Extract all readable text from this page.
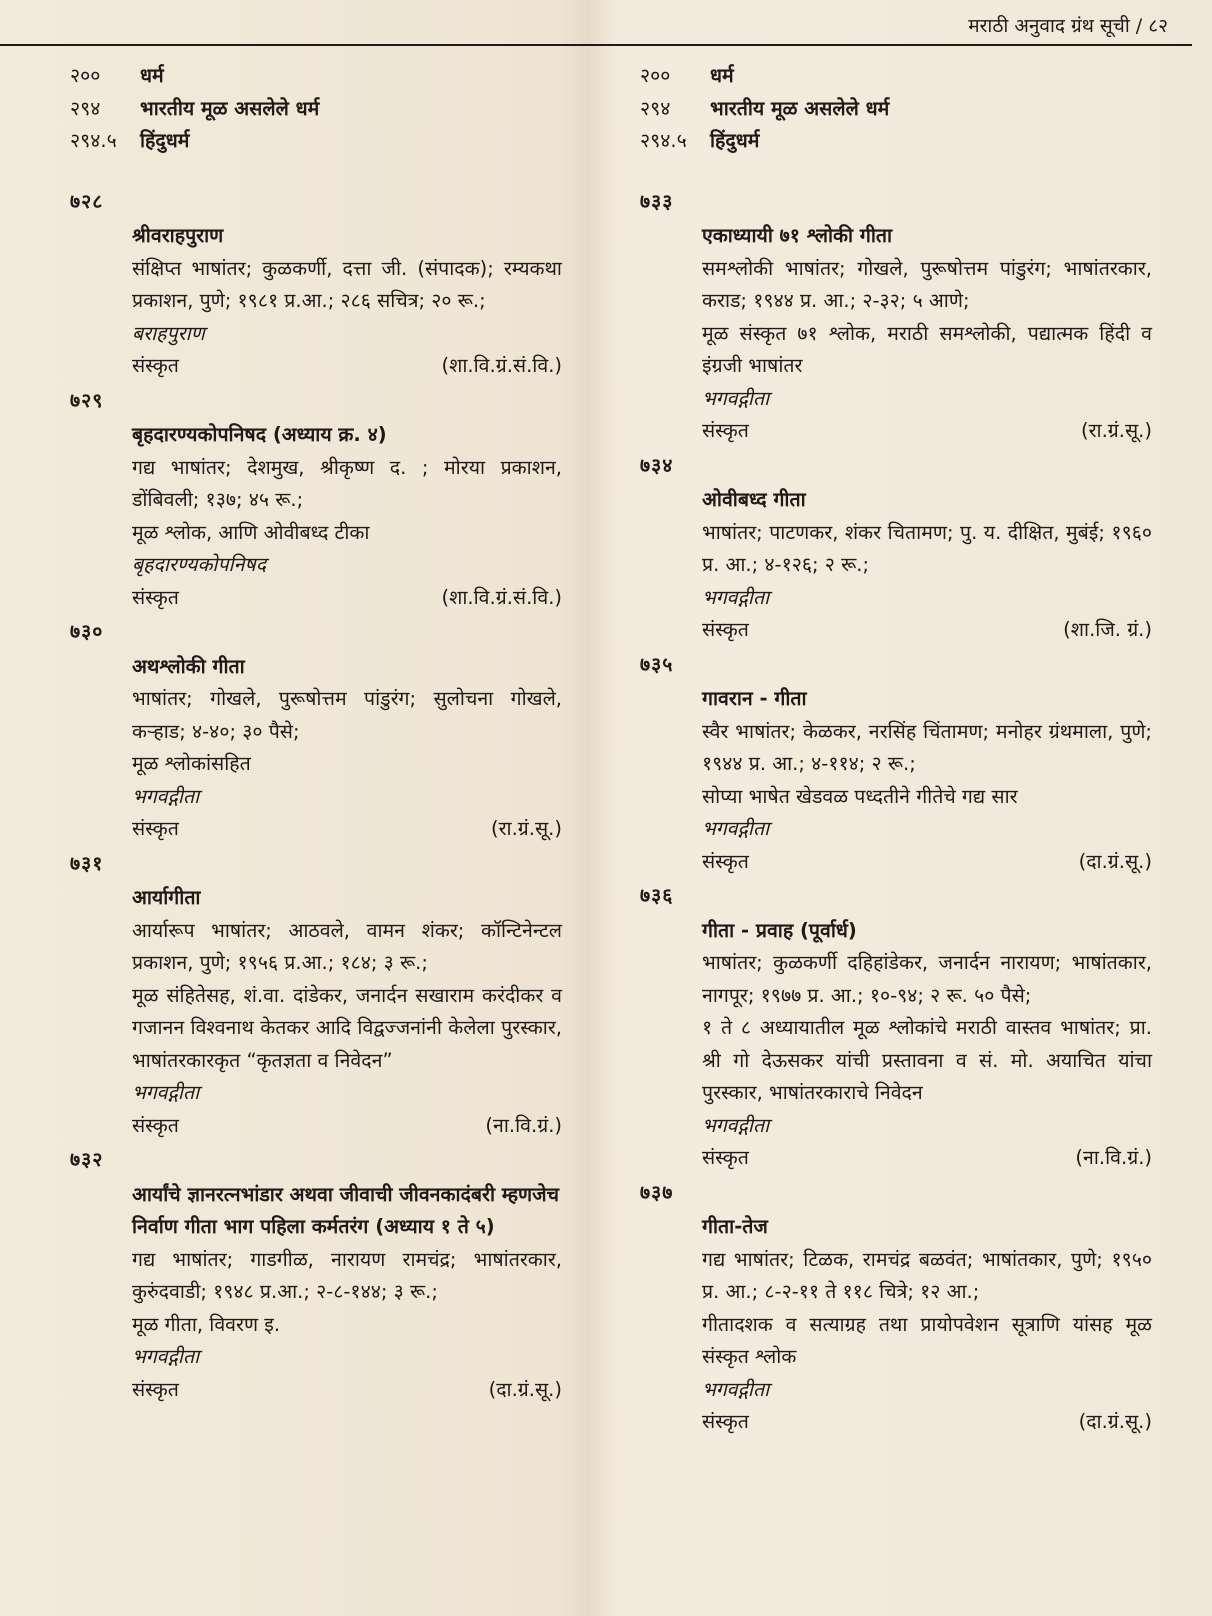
मराठी अनुवाद ग्रंथ सूची / ८२
२००	धर्म
२९४	भारतीय मूळ असलेले धर्म
२९४.५	हिंदुधर्म
७२८
श्रीवराहपुराण
संक्षिप्त भाषांतर; कुळकर्णी, दत्ता जी. (संपादक); रम्यकथा प्रकाशन, पुणे; १९८१ प्र.आ.; २८६ सचित्र; २० रू.;
बराहपुराण
संस्कृत	(शा.वि.ग्रं.सं.वि.)
७२९
बृहदारण्यकोपनिषद (अध्याय क्र. ४)
गद्य भाषांतर; देशमुख, श्रीकृष्ण द. ; मोरया प्रकाशन, डोंबिवली; १३७; ४५ रू.;
मूळ श्लोक, आणि ओवीबध्द टीका
बृहदारण्यकोपनिषद
संस्कृत	(शा.वि.ग्रं.सं.वि.)
७३०
अथश्लोकी गीता
भाषांतर; गोखले, पुरूषोत्तम पांडुरंग; सुलोचना गोखले, कऱ्हाड; ४-४०; ३० पैसे;
मूळ श्लोकांसहित
भगवद्गीता
संस्कृत	(रा.ग्रं.सू.)
७३१
आर्यागीता
आर्यारूप भाषांतर; आठवले, वामन शंकर; कॉन्टिनेन्टल प्रकाशन, पुणे; १९५६ प्र.आ.; १८४; ३ रू.;
मूळ संहितेसह, शं.वा. दांडेकर, जनार्दन सखाराम करंदीकर व गजानन विश्वनाथ केतकर आदि विद्वज्जनांनी केलेला पुरस्कार, भाषांतरकारकृत “कृतज्ञता व निवेदन”
भगवद्गीता
संस्कृत	(ना.वि.ग्रं.)
७३२
आर्यांचे ज्ञानरत्नभांडार अथवा जीवाची जीवनकादंबरी म्हणजेच निर्वाण गीता भाग पहिला कर्मतरंग (अध्याय १ ते ५)
गद्य भाषांतर; गाडगीळ, नारायण रामचंद्र; भाषांतरकार, कुरुंदवाडी; १९४८ प्र.आ.; २-८-१४४; ३ रू.;
मूळ गीता, विवरण इ.
भगवद्गीता
संस्कृत	(दा.ग्रं.सू.)
२००	धर्म
२९४	भारतीय मूळ असलेले धर्म
२९४.५	हिंदुधर्म
७३३
एकाध्यायी ७१ श्लोकी गीता
समश्लोकी भाषांतर; गोखले, पुरूषोत्तम पांडुरंग; भाषांतरकार, कराड; १९४४ प्र. आ.; २-३२; ५ आणे;
मूळ संस्कृत ७१ श्लोक, मराठी समश्लोकी, पद्यात्मक हिंदी व इंग्रजी भाषांतर
भगवद्गीता
संस्कृत	(रा.ग्रं.सू.)
७३४
ओवीबध्द गीता
भाषांतर; पाटणकर, शंकर चितामण; पु. य. दीक्षित, मुबंई; १९६० प्र. आ.; ४-१२६; २ रू.;
भगवद्गीता
संस्कृत	(शा.जि. ग्रं.)
७३५
गावरान - गीता
स्वैर भाषांतर; केळकर, नरसिंह चिंतामण; मनोहर ग्रंथमाला, पुणे; १९४४ प्र. आ.; ४-११४; २ रू.;
सोप्या भाषेत खेडवळ पध्दतीने गीतेचे गद्य सार
भगवद्गीता
संस्कृत	(दा.ग्रं.सू.)
७३६
गीता - प्रवाह (पूर्वार्ध)
भाषांतर; कुळकर्णी दहिहांडेकर, जनार्दन नारायण; भाषांतकार, नागपूर; १९७७ प्र. आ.; १०-९४; २ रू. ५० पैसे;
१ ते ८ अध्यायातील मूळ श्लोकांचे मराठी वास्तव भाषांतर; प्रा. श्री गो देऊसकर यांची प्रस्तावना व सं. मो. अयाचित यांचा पुरस्कार, भाषांतरकाराचे निवेदन
भगवद्गीता
संस्कृत	(ना.वि.ग्रं.)
७३७
गीता-तेज
गद्य भाषांतर; टिळक, रामचंद्र बळवंत; भाषांतकार, पुणे; १९५० प्र. आ.; ८-२-११ ते ११८ चित्रे; १२ आ.;
गीतादशक व सत्याग्रह तथा प्रायोपवेशन सूत्राणि यांसह मूळ संस्कृत श्लोक
भगवद्गीता
संस्कृत	(दा.ग्रं.सू.)
